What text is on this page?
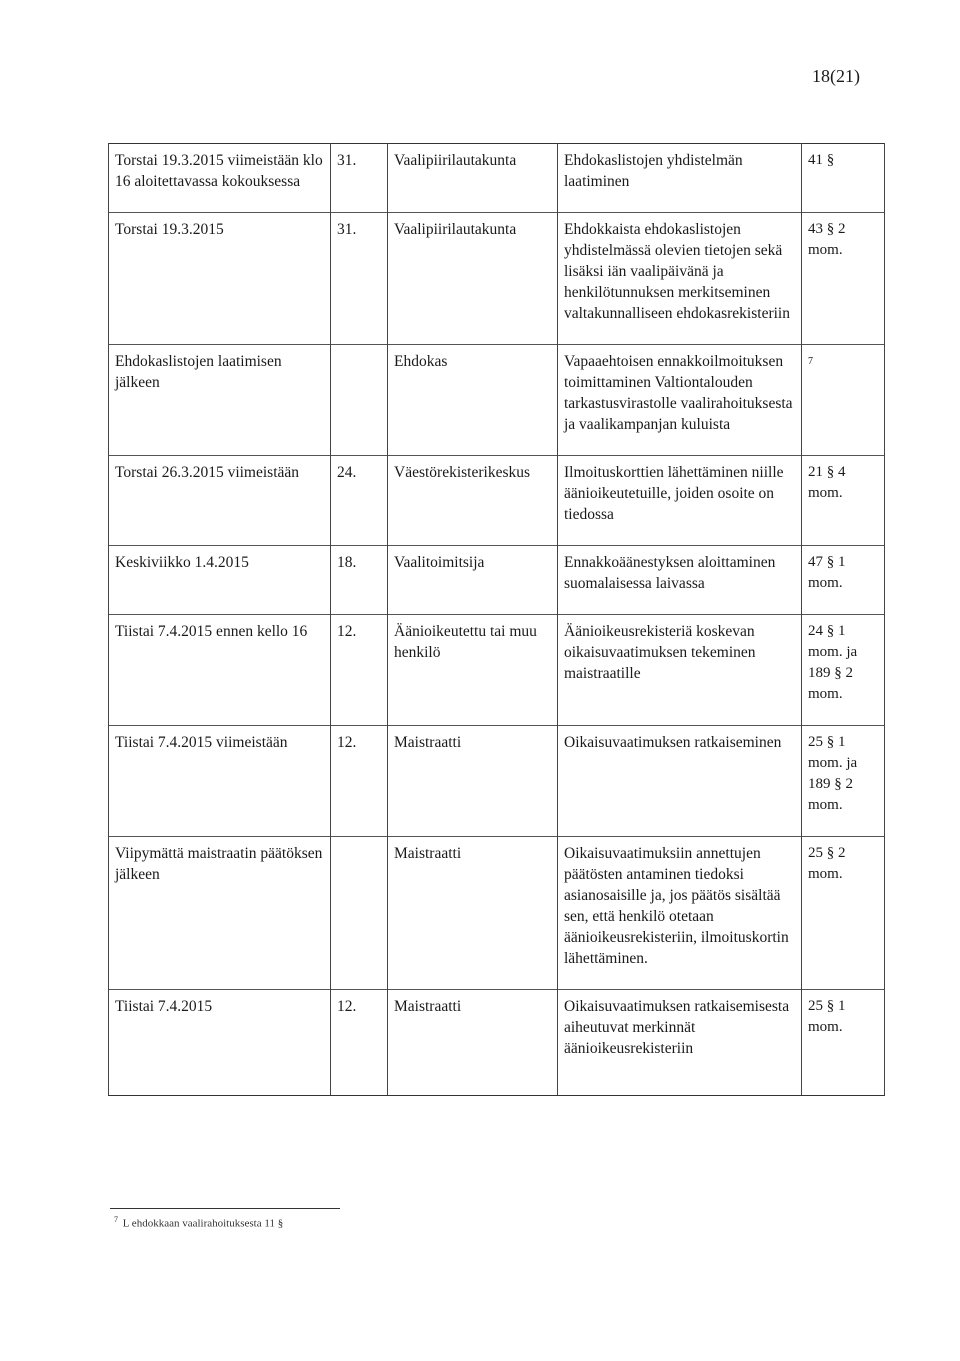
18(21)
Torstai 19.3.2015 viimeistään klo 16 aloitettavassa kokouksessa	31.	Vaalipiirilautakunta	Ehdokaslistojen yhdistelmän laatiminen	41 §
Torstai 19.3.2015	31.	Vaalipiirilautakunta	Ehdokkaista ehdokaslistojen yhdistelmässä olevien tietojen sekä lisäksi iän vaalipäivänä ja henkilötunnuksen merkitseminen valtakunnalliseen ehdokasrekisteriin	43 § 2 mom.
Ehdokaslistojen laatimisen jälkeen		Ehdokas	Vapaaehtoisen ennakkoilmoituksen toimittaminen Valtiontalouden tarkastusvirastolle vaalirahoituksesta ja vaalikampanjan kuluista	7
Torstai 26.3.2015 viimeistään	24.	Väestörekisterikeskus	Ilmoituskorttien lähettäminen niille äänioikeutetuille, joiden osoite on tiedossa	21 § 4 mom.
Keskiviikko 1.4.2015	18.	Vaalitoimitsija	Ennakkoäänestyksen aloittaminen suomalaisessa laivassa	47 § 1 mom.
Tiistai 7.4.2015 ennen kello 16	12.	Äänioikeutettu tai muu henkilö	Äänioikeusrekisteriä koskevan oikaisuvaatimuksen tekeminen maistraatille	24 § 1 mom. ja 189 § 2 mom.
Tiistai 7.4.2015 viimeistään	12.	Maistraatti	Oikaisuvaatimuksen ratkaiseminen	25 § 1 mom. ja 189 § 2 mom.
Viipymättä maistraatin päätöksen jälkeen		Maistraatti	Oikaisuvaatimuksiin annettujen päätösten antaminen tiedoksi asianosaisille ja, jos päätös sisältää sen, että henkilö otetaan äänioikeusrekisteriin, ilmoituskortin lähettäminen.	25 § 2 mom.
Tiistai 7.4.2015	12.	Maistraatti	Oikaisuvaatimuksen ratkaisemisesta aiheutuvat merkinnät äänioikeusrekisteriin	25 § 1 mom.
$^7$ L ehdokkaan vaalirahoituksesta 11 §
